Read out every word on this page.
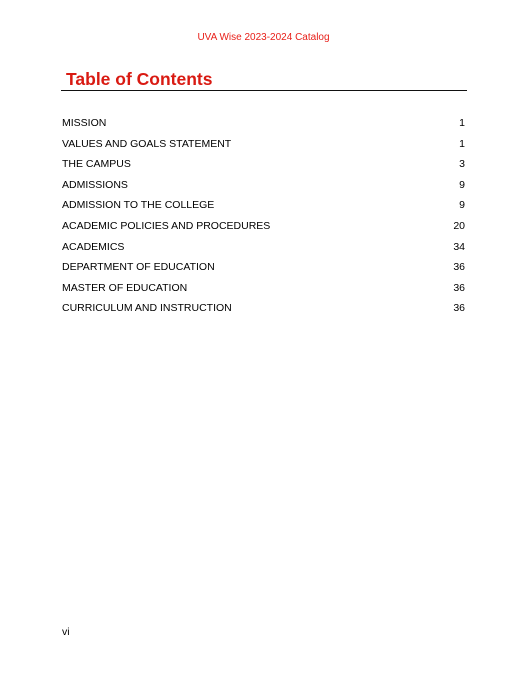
UVA Wise 2023-2024 Catalog
Table of Contents
MISSION	1
VALUES AND GOALS STATEMENT	1
THE CAMPUS	3
ADMISSIONS	9
ADMISSION TO THE COLLEGE	9
ACADEMIC POLICIES AND PROCEDURES	20
ACADEMICS	34
DEPARTMENT OF EDUCATION	36
MASTER OF EDUCATION	36
CURRICULUM AND INSTRUCTION	36
vi
